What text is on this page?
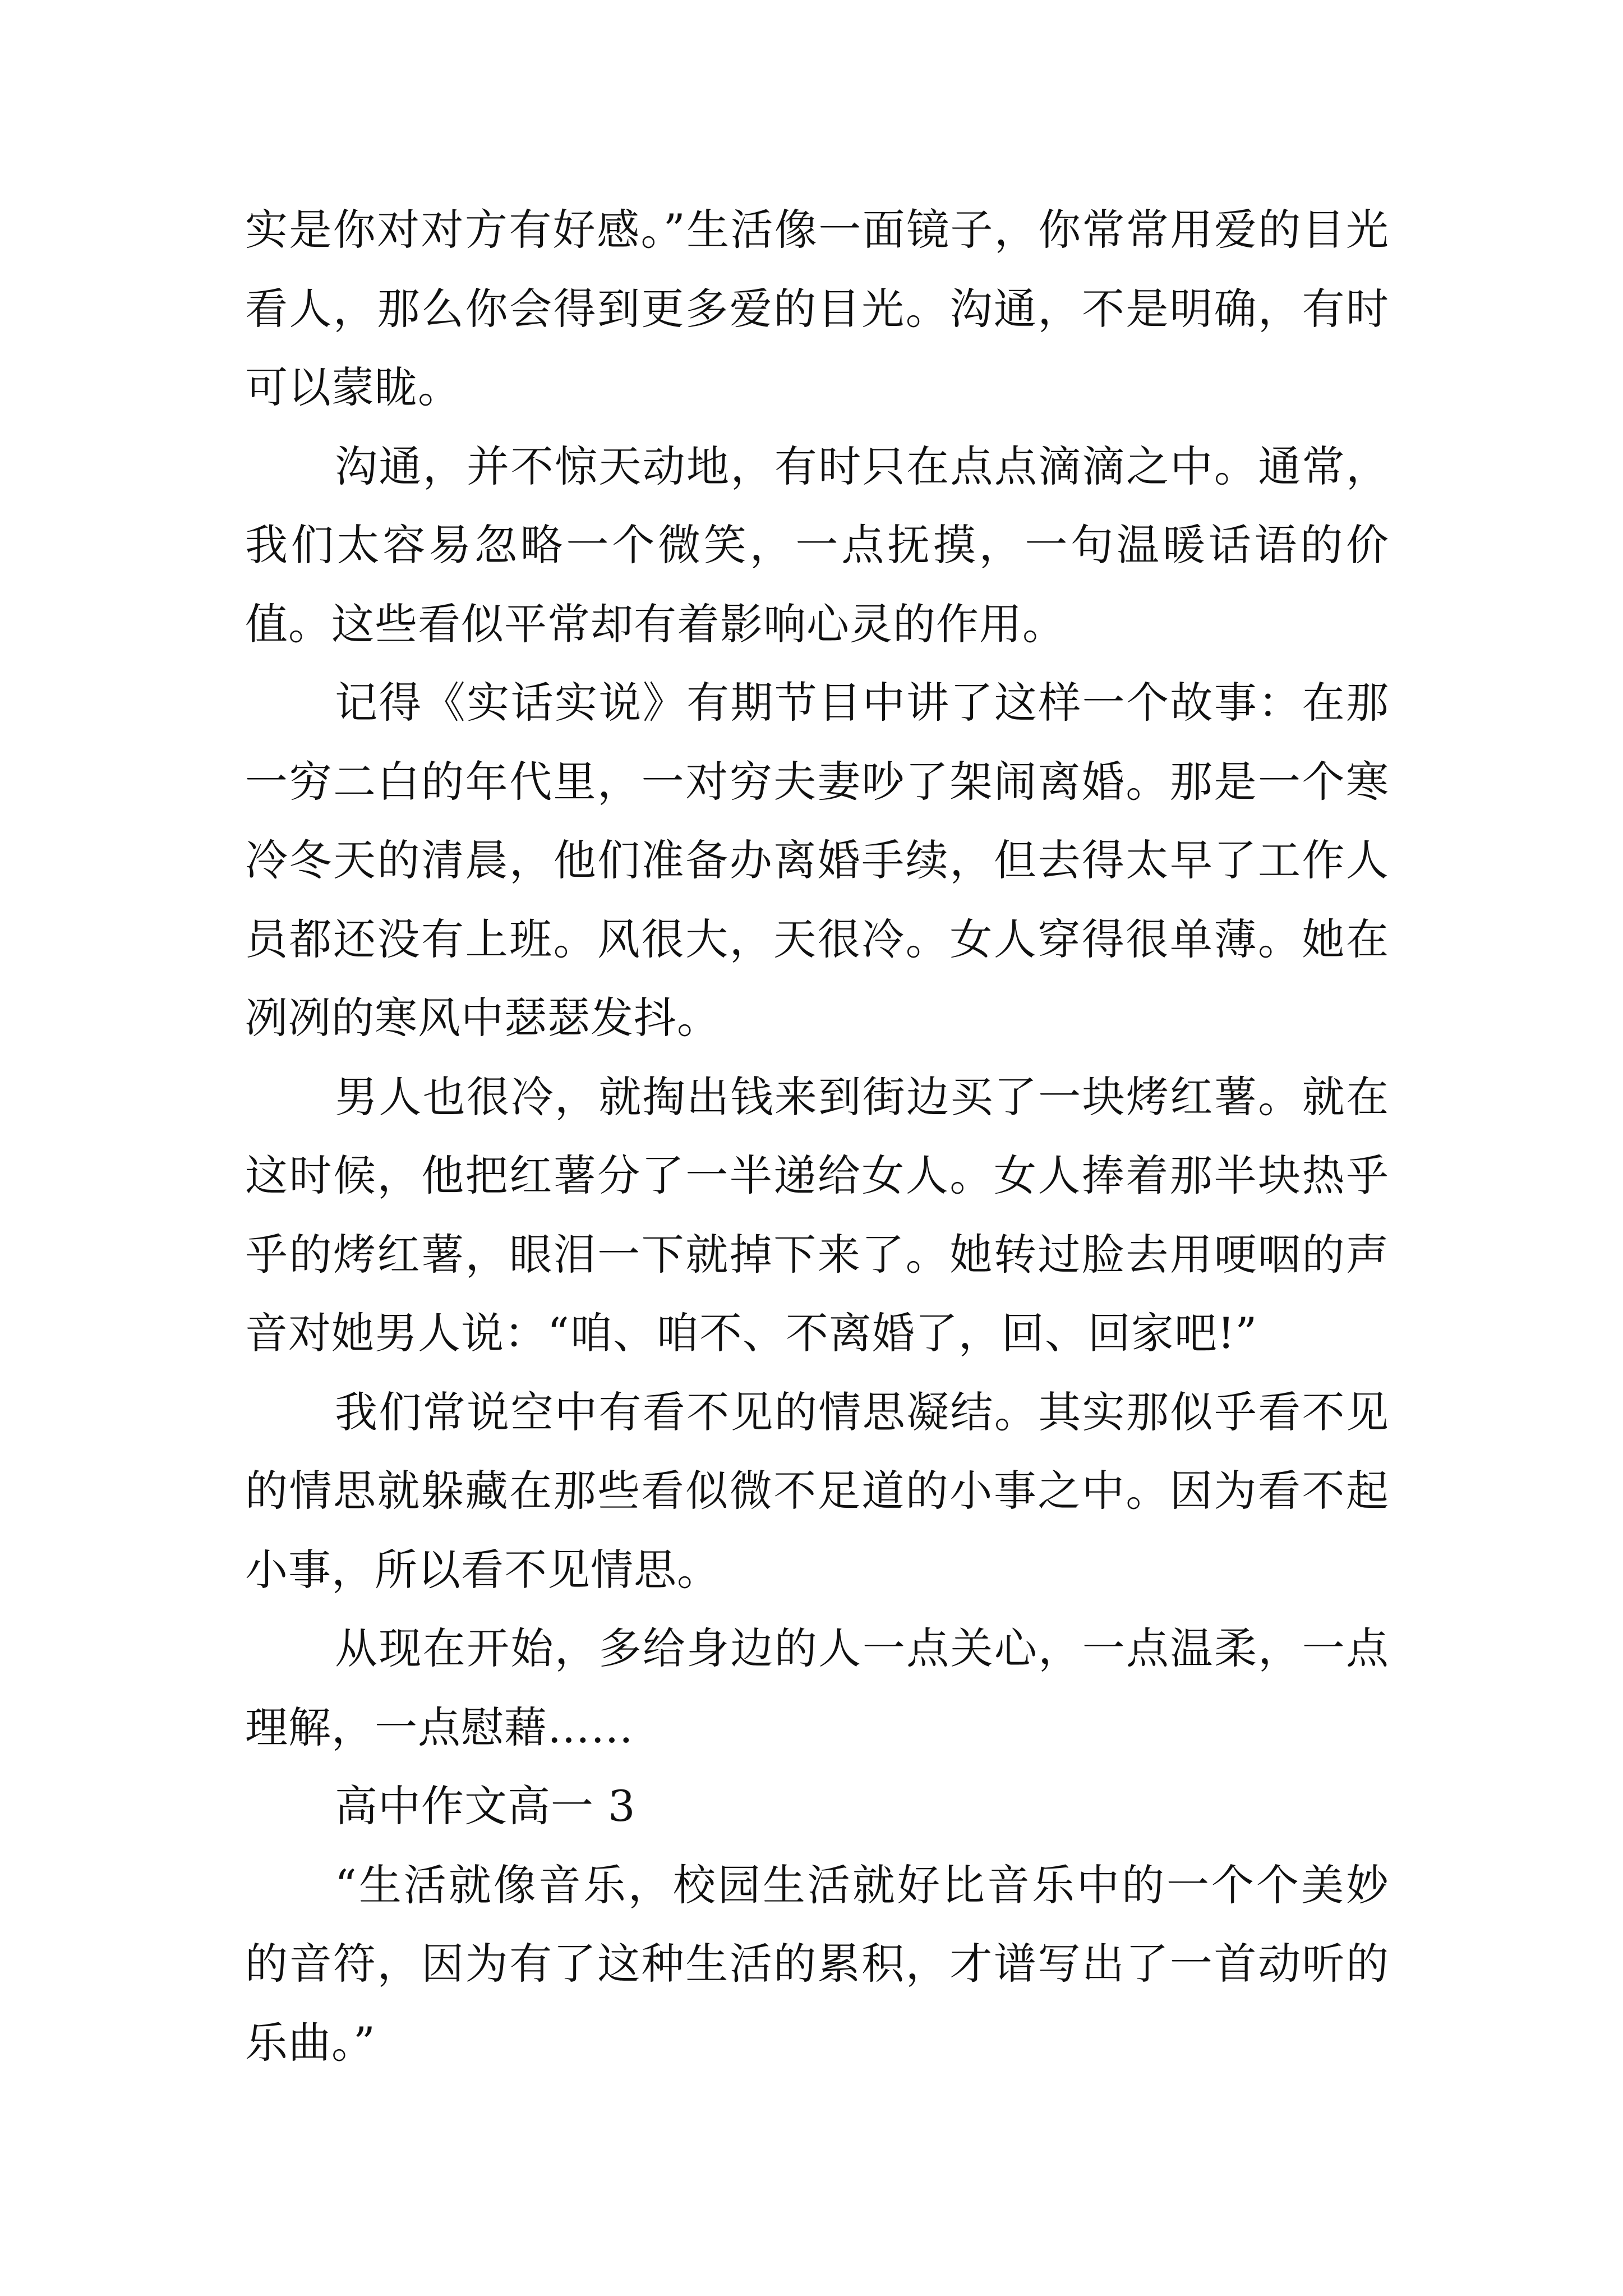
实是你对对方有好感。”生活像一面镜子，你常常用爱的目光看人，那么你会得到更多爱的目光。沟通，不是明确，有时可以蒙眬。

沟通，并不惊天动地，有时只在点点滴滴之中。通常，我们太容易忽略一个微笑，一点抚摸，一句温暖话语的价值。这些看似平常却有着影响心灵的作用。

记得《实话实说》有期节目中讲了这样一个故事：在那一穷二白的年代里，一对穷夫妻吵了架闹离婚。那是一个寒冷冬天的清晨，他们准备办离婚手续，但去得太早了工作人员都还没有上班。风很大，天很冷。女人穿得很单薄。她在冽冽的寒风中瑟瑟发抖。

男人也很冷，就掏出钱来到街边买了一块烤红薯。就在这时候，他把红薯分了一半递给女人。女人捧着那半块热乎乎的烤红薯，眼泪一下就掉下来了。她转过脸去用哽咽的声音对她男人说：“咱、咱不、不离婚了，回、回家吧!”

我们常说空中有看不见的情思凝结。其实那似乎看不见的情思就躲藏在那些看似微不足道的小事之中。因为看不起小事，所以看不见情思。

从现在开始，多给身边的人一点关心，一点温柔，一点理解，一点慰藉……

高中作文高一 3

“生活就像音乐，校园生活就好比音乐中的一个个美妙的音符，因为有了这种生活的累积，才谱写出了一首动听的乐曲。”
